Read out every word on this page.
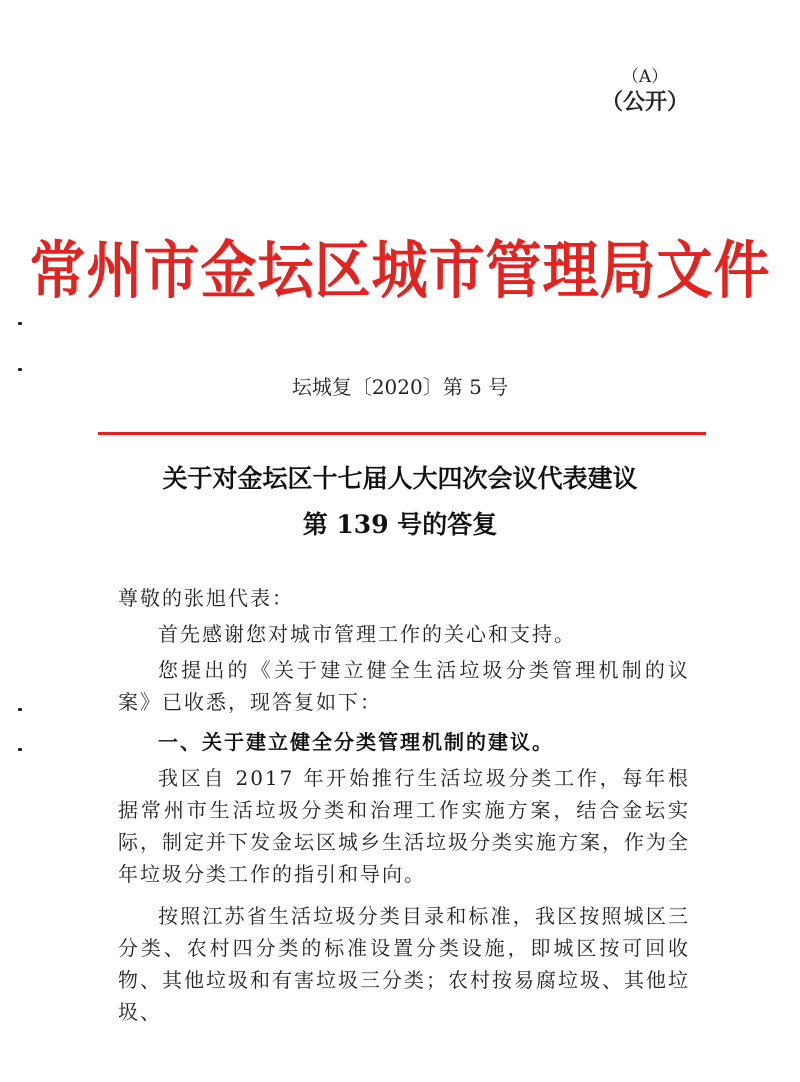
（A）
（公开）
常州市金坛区城市管理局文件
坛城复〔2020〕第 5 号
关于对金坛区十七届人大四次会议代表建议
第 139 号的答复

尊敬的张旭代表：

首先感谢您对城市管理工作的关心和支持。

您提出的《关于建立健全生活垃圾分类管理机制的议案》已收悉，现答复如下：

一、关于建立健全分类管理机制的建议。

我区自 2017 年开始推行生活垃圾分类工作，每年根据常州市生活垃圾分类和治理工作实施方案，结合金坛实际，制定并下发金坛区城乡生活垃圾分类实施方案，作为全年垃圾分类工作的指引和导向。

按照江苏省生活垃圾分类目录和标准，我区按照城区三分类、农村四分类的标准设置分类设施，即城区按可回收物、其他垃圾和有害垃圾三分类；农村按易腐垃圾、其他垃圾、
